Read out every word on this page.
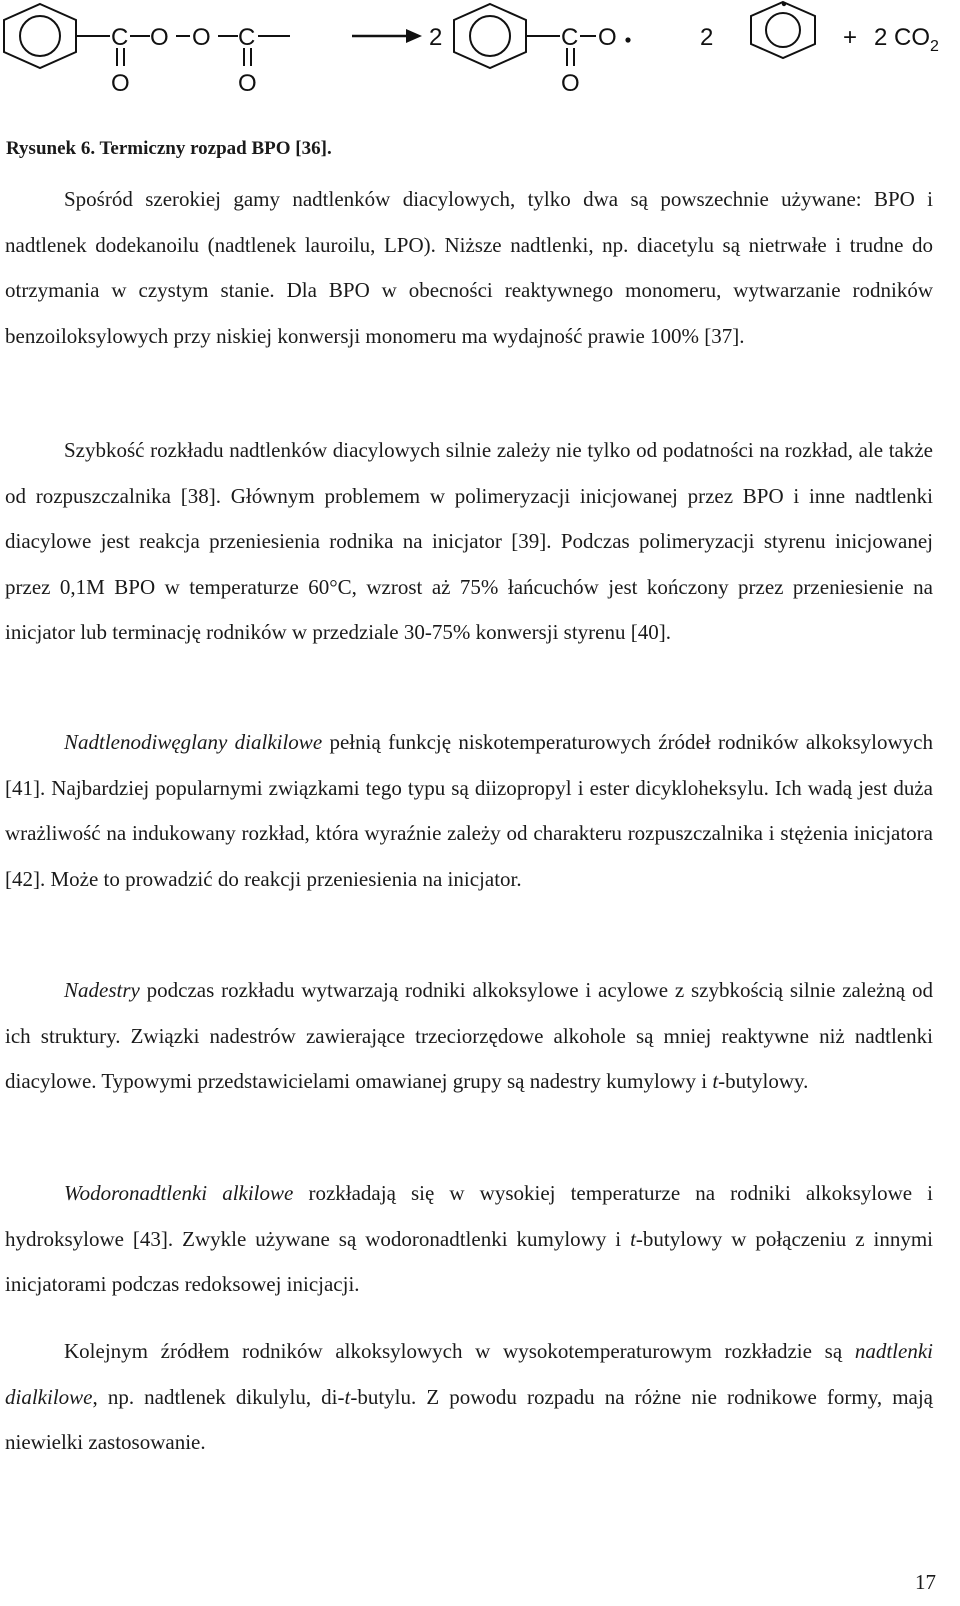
C O O C
O	O
2	C O
O
2	+ 2 $CO_2$

Rysunek 6. Termiczny rozpad BPO [36].

Spośród szerokiej gamy nadtlenków diacylowych, tylko dwa są powszechnie używane: BPO i nadtlenek dodekanoilu (nadtlenek lauroilu, LPO). Niższe nadtlenki, np. diacetylu są nietrwałe i trudne do otrzymania w czystym stanie. Dla BPO w obecności reaktywnego monomeru, wytwarzanie rodników benzoiloksylowych przy niskiej konwersji monomeru ma wydajność prawie 100% [37].

Szybkość rozkładu nadtlenków diacylowych silnie zależy nie tylko od podatności na rozkład, ale także od rozpuszczalnika [38]. Głównym problemem w polimeryzacji inicjowanej przez BPO i inne nadtlenki diacylowe jest reakcja przeniesienia rodnika na inicjator [39]. Podczas polimeryzacji styrenu inicjowanej przez 0,1M BPO w temperaturze 60°C, wzrost aż 75% łańcuchów jest kończony przez przeniesienie na inicjator lub terminację rodników w przedziale 30-75% konwersji styrenu [40].

Nadtlenodiwęglany dialkilowe pełnią funkcję niskotemperaturowych źródeł rodników alkoksylowych [41]. Najbardziej popularnymi związkami tego typu są diizopropyl i ester dicykloheksylu. Ich wadą jest duża wrażliwość na indukowany rozkład, która wyraźnie zależy od charakteru rozpuszczalnika i stężenia inicjatora [42]. Może to prowadzić do reakcji przeniesienia na inicjator.

Nadestry podczas rozkładu wytwarzają rodniki alkoksylowe i acylowe z szybkością silnie zależną od ich struktury. Związki nadestrów zawierające trzeciorzędowe alkohole są mniej reaktywne niż nadtlenki diacylowe. Typowymi przedstawicielami omawianej grupy są nadestry kumylowy i t-butylowy.

Wodoronadtlenki alkilowe rozkładają się w wysokiej temperaturze na rodniki alkoksylowe i hydroksylowe [43]. Zwykle używane są wodoronadtlenki kumylowy i t-butylowy w połączeniu z innymi inicjatorami podczas redoksowej inicjacji.

Kolejnym źródłem rodników alkoksylowych w wysokotemperaturowym rozkładzie są nadtlenki dialkilowe, np. nadtlenek dikulylu, di-t-butylu. Z powodu rozpadu na różne nie rodnikowe formy, mają niewielki zastosowanie.

17
